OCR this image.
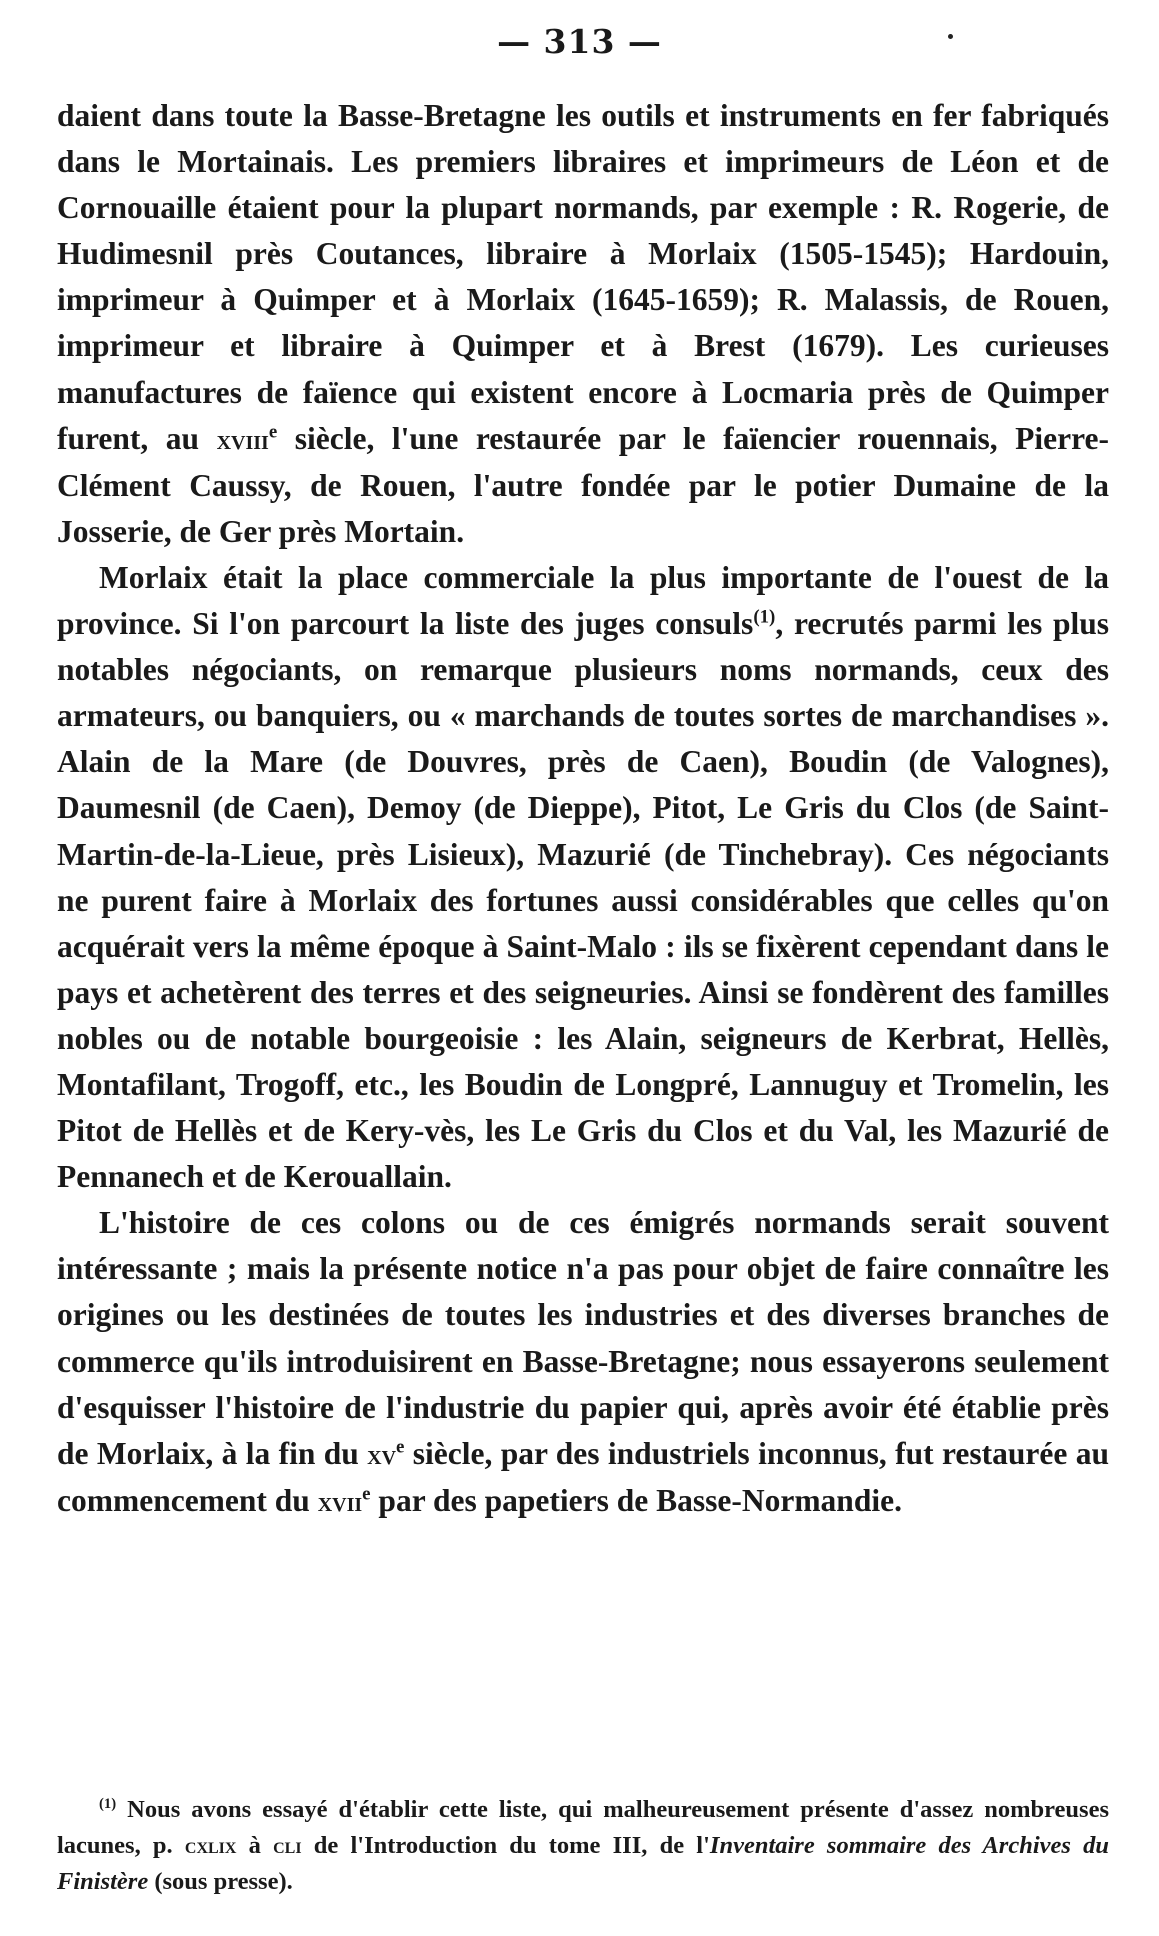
— 313 —

daient dans toute la Basse-Bretagne les outils et instruments en fer fabriqués dans le Mortainais. Les premiers libraires et imprimeurs de Léon et de Cornouaille étaient pour la plupart normands, par exemple : R. Rogerie, de Hudimesnil près Coutances, libraire à Morlaix (1505-1545); Hardouin, imprimeur à Quimper et à Morlaix (1645-1659); R. Malassis, de Rouen, imprimeur et libraire à Quimper et à Brest (1679). Les curieuses manufactures de faïence qui existent encore à Locmaria près de Quimper furent, au xviii$^e$ siècle, l'une restaurée par le faïencier rouennais, Pierre-Clément Caussy, de Rouen, l'autre fondée par le potier Dumaine de la Josserie, de Ger près Mortain.

Morlaix était la place commerciale la plus importante de l'ouest de la province. Si l'on parcourt la liste des juges consuls$^{(1)}$, recrutés parmi les plus notables négociants, on remarque plusieurs noms normands, ceux des armateurs, ou banquiers, ou « marchands de toutes sortes de marchandises ». Alain de la Mare (de Douvres, près de Caen), Boudin (de Valognes), Daumesnil (de Caen), Demoy (de Dieppe), Pitot, Le Gris du Clos (de Saint-Martin-de-la-Lieue, près Lisieux), Mazurié (de Tinchebray). Ces négociants ne purent faire à Morlaix des fortunes aussi considérables que celles qu'on acquérait vers la même époque à Saint-Malo : ils se fixèrent cependant dans le pays et achetèrent des terres et des seigneuries. Ainsi se fondèrent des familles nobles ou de notable bourgeoisie : les Alain, seigneurs de Kerbrat, Hellès, Montafilant, Trogoff, etc., les Boudin de Longpré, Lannuguy et Tromelin, les Pitot de Hellès et de Kery-vès, les Le Gris du Clos et du Val, les Mazurié de Pennanech et de Kerouallain.

L'histoire de ces colons ou de ces émigrés normands serait souvent intéressante ; mais la présente notice n'a pas pour objet de faire connaître les origines ou les destinées de toutes les industries et des diverses branches de commerce qu'ils introduisirent en Basse-Bretagne; nous essayerons seulement d'esquisser l'histoire de l'industrie du papier qui, après avoir été établie près de Morlaix, à la fin du $xv^e$ siècle, par des industriels inconnus, fut restaurée au commencement du xvii$^e$ par des papetiers de Basse-Normandie.

$^{(1)}$ Nous avons essayé d'établir cette liste, qui malheureusement présente d'assez nombreuses lacunes, p. cxlix à cli de l'Introduction du tome III, de l'Inventaire sommaire des Archives du Finistère (sous presse).
